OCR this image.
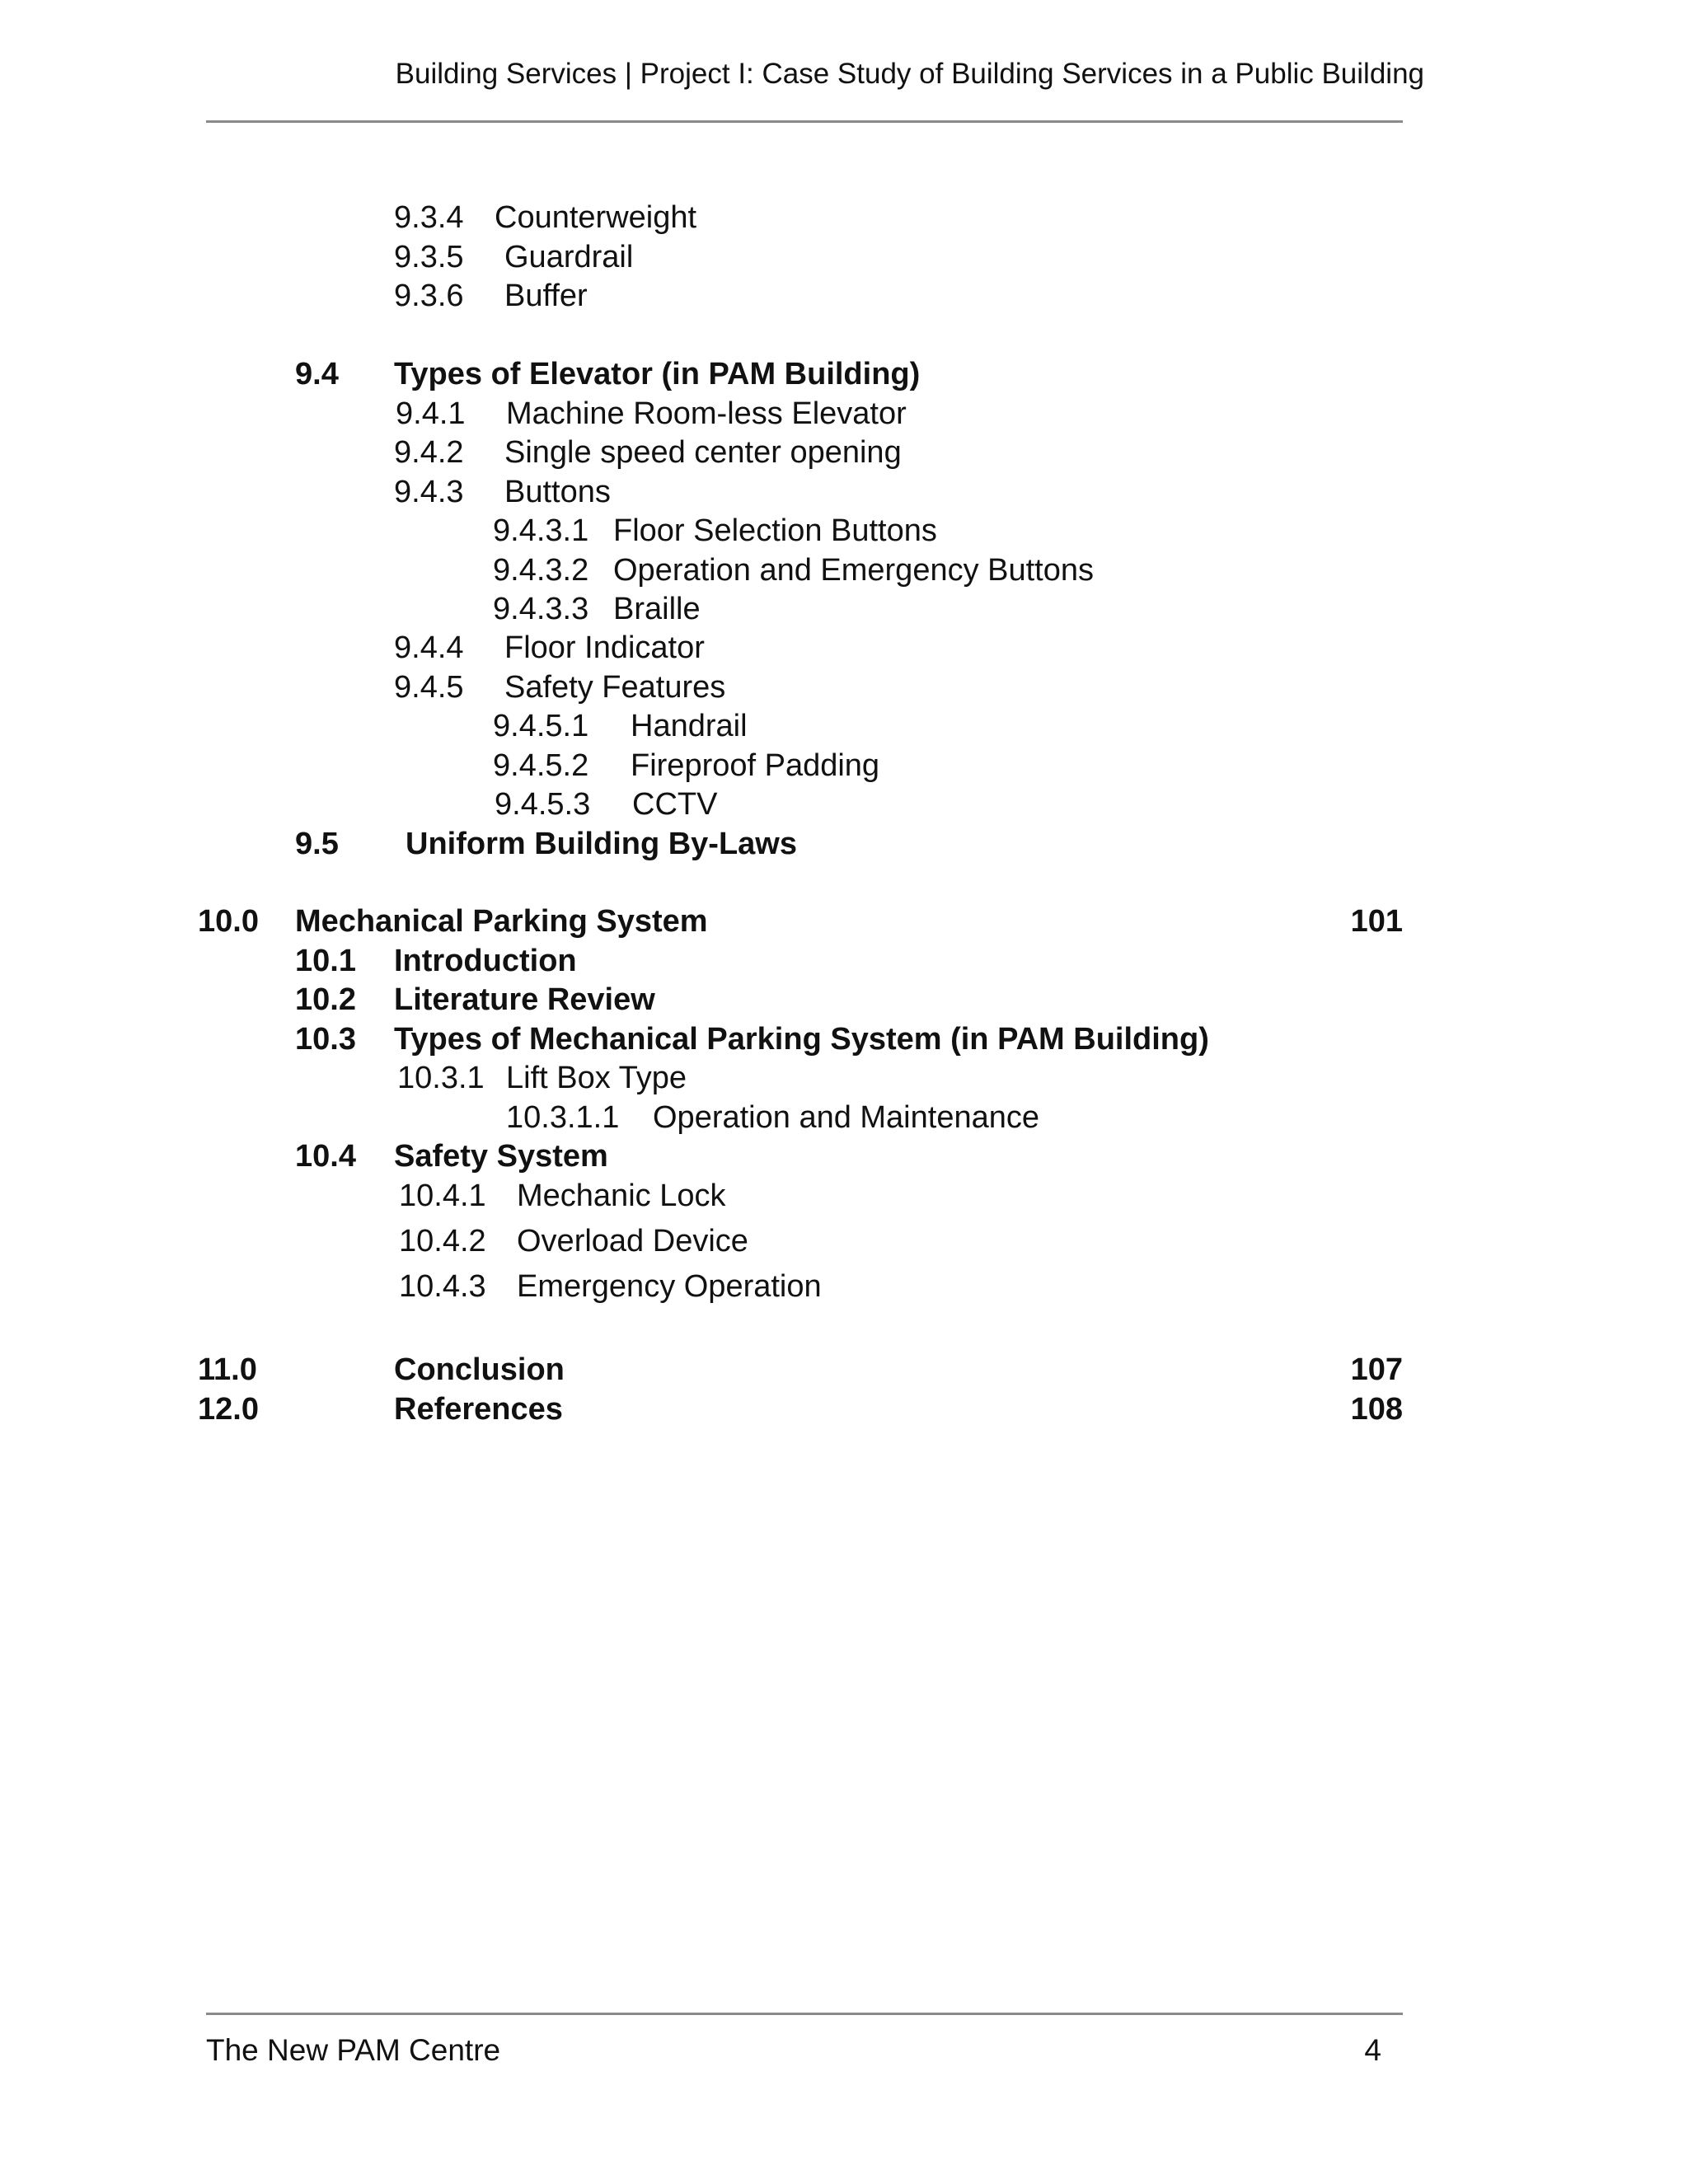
Building Services | Project I: Case Study of Building Services in a Public Building
9.3.4 Counterweight
9.3.5 Guardrail
9.3.6 Buffer
9.4 Types of Elevator (in PAM Building)
9.4.1 Machine Room-less Elevator
9.4.2 Single speed center opening
9.4.3 Buttons
9.4.3.1 Floor Selection Buttons
9.4.3.2 Operation and Emergency Buttons
9.4.3.3 Braille
9.4.4 Floor Indicator
9.4.5 Safety Features
9.4.5.1 Handrail
9.4.5.2 Fireproof Padding
9.4.5.3 CCTV
9.5 Uniform Building By-Laws
10.0 Mechanical Parking System	101
10.1 Introduction
10.2 Literature Review
10.3 Types of Mechanical Parking System (in PAM Building)
10.3.1 Lift Box Type
10.3.1.1 Operation and Maintenance
10.4 Safety System
10.4.1 Mechanic Lock
10.4.2 Overload Device
10.4.3 Emergency Operation
11.0	Conclusion	107
12.0	References	108
The New PAM Centre	4
